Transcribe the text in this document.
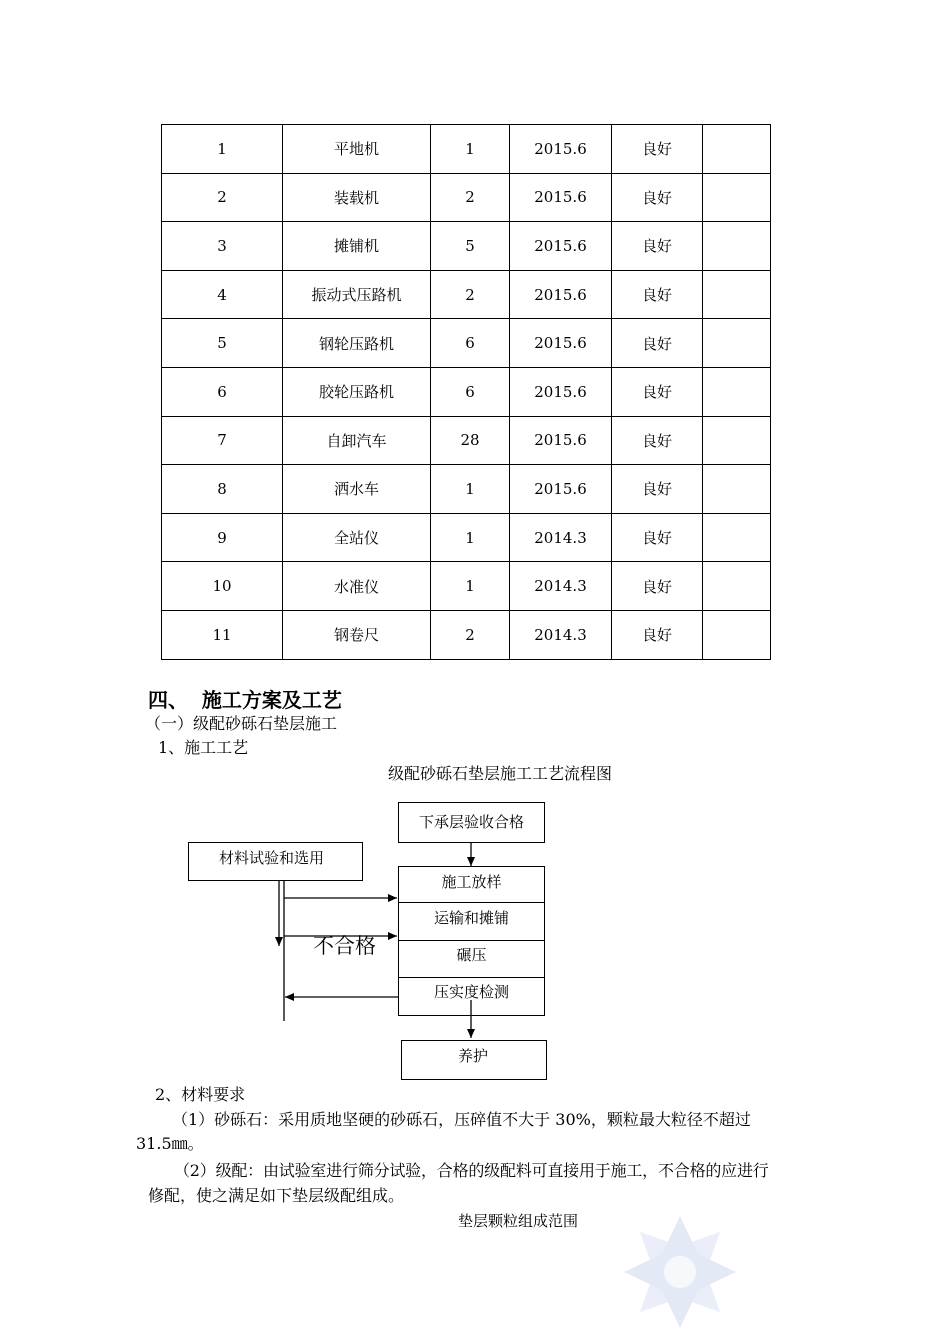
1	平地机	1	2015.6	良好	
2	装载机	2	2015.6	良好	
3	摊铺机	5	2015.6	良好	
4	振动式压路机	2	2015.6	良好	
5	钢轮压路机	6	2015.6	良好	
6	胶轮压路机	6	2015.6	良好	
7	自卸汽车	28	2015.6	良好	
8	洒水车	1	2015.6	良好	
9	全站仪	1	2014.3	良好	
10	水准仪	1	2014.3	良好	
11	钢卷尺	2	2014.3	良好	
四、  施工方案及工艺
（一）级配砂砾石垫层施工
1、施工工艺
级配砂砾石垫层施工工艺流程图
下承层验收合格
材料试验和选用
施工放样
运输和摊铺
碾压
压实度检测
不合格
养护
2、材料要求
（1）砂砾石：采用质地坚硬的砂砾石，压碎值不大于 30%，颗粒最大粒径不超过
31.5㎜。
（2）级配：由试验室进行筛分试验，合格的级配料可直接用于施工，不合格的应进行
修配，使之满足如下垫层级配组成。
垫层颗粒组成范围
